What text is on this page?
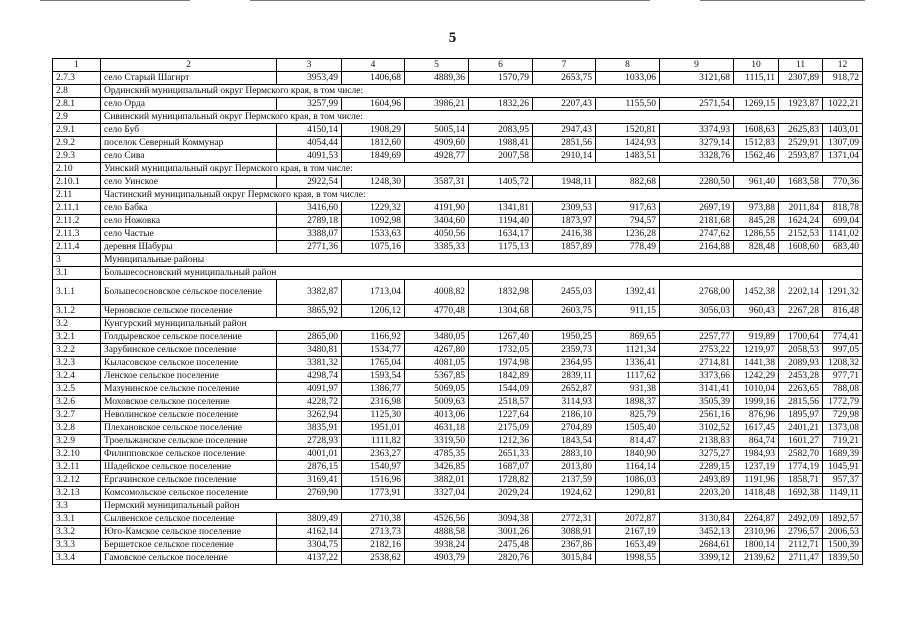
5
1	2	3	4	5	6	7	8	9	10	11	12
2.7.3	село Старый Шагирт	3953,49	1406,68	4889,36	1570,79	2653,75	1033,06	3121,68	1115,11	2307,89	918,72
2.8	Ординский муниципальный округ Пермского края, в том числе:										
2.8.1	село Орда	3257,99	1604,96	3986,21	1832,26	2207,43	1155,50	2571,54	1269,15	1923,87	1022,21
2.9	Сивинский муниципальный округ Пермского края, в том числе:										
2.9.1	село Буб	4150,14	1908,29	5005,14	2083,95	2947,43	1520,81	3374,93	1608,63	2625,83	1403,01
2.9.2	поселок Северный Коммунар	4054,44	1812,60	4909,60	1988,41	2851,56	1424,93	3279,14	1512,83	2529,91	1307,09
2.9.3	село Сива	4091,53	1849,69	4928,77	2007,58	2910,14	1483,51	3328,76	1562,46	2593,87	1371,04
2.10	Уинский муниципальный округ Пермского края, в том числе:										
2.10.1	село Уинское	2922,54	1248,30	3587,31	1405,72	1948,11	882,68	2280,50	961,40	1683,58	770,36
2.11	Частинский муниципальный округ Пермского края, в том числе:										
2.11.1	село Бабка	3416,60	1229,32	4191,90	1341,81	2309,53	917,63	2697,19	973,88	2011,84	818,78
2.11.2	село Ножовка	2789,18	1092,98	3404,60	1194,40	1873,97	794,57	2181,68	845,28	1624,24	699,04
2.11.3	село Частые	3388,07	1533,63	4050,56	1634,17	2416,38	1236,28	2747,62	1286,55	2152,53	1141,02
2.11.4	деревня Шабуры	2771,36	1075,16	3385,33	1175,13	1857,89	778,49	2164,88	828,48	1608,60	683,40
3	Муниципальные районы										
3.1	Большесосновский муниципальный район										
3.1.1	Большесосновское сельское поселение	3382,87	1713,04	4008,82	1832,98	2455,03	1392,41	2768,00	1452,38	2202,14	1291,32
3.1.2	Черновское сельское поселение	3865,92	1206,12	4770,48	1304,68	2603,75	911,15	3056,03	960,43	2267,28	816,48
3.2	Кунгурский муниципальный район										
3.2.1	Голдыревское сельское поселение	2865,00	1166,92	3480,05	1267,40	1950,25	869,65	2257,77	919,89	1700,64	774,41
3.2.2	Зарубинское сельское поселение	3480,81	1534,77	4267,80	1732,05	2359,73	1121,34	2753,22	1219,97	2058,53	997,05
3.2.3	Кыласовское сельское поселение	3381,32	1765,04	4081,05	1974,98	2364,95	1336,41	2714,81	1441,38	2089,93	1208,32
3.2.4	Ленское сельское поселение	4298,74	1593,54	5367,85	1842,89	2839,11	1117,62	3373,66	1242,29	2453,28	977,71
3.2.5	Мазунинское сельское поселение	4091,97	1386,77	5069,05	1544,09	2652,87	931,38	3141,41	1010,04	2263,65	788,08
3.2.6	Моховское сельское поселение	4228,72	2316,98	5009,63	2518,57	3114,93	1898,37	3505,39	1999,16	2815,56	1772,79
3.2.7	Неволинское сельское поселение	3262,94	1125,30	4013,06	1227,64	2186,10	825,79	2561,16	876,96	1895,97	729,98
3.2.8	Плехановское сельское поселение	3835,91	1951,01	4631,18	2175,09	2704,89	1505,40	3102,52	1617,45	2401,21	1373,08
3.2.9	Троельжанское сельское поселение	2728,93	1111,82	3319,50	1212,36	1843,54	814,47	2138,83	864,74	1601,27	719,21
3.2.10	Филипповское сельское поселение	4001,01	2363,27	4785,35	2651,33	2883,10	1840,90	3275,27	1984,93	2582,70	1689,39
3.2.11	Шадейское сельское поселение	2876,15	1540,97	3426,85	1687,07	2013,80	1164,14	2289,15	1237,19	1774,19	1045,91
3.2.12	Ергачинское сельское поселение	3169,41	1516,96	3882,01	1728,82	2137,59	1086,03	2493,89	1191,96	1858,71	957,37
3.2.13	Комсомольское сельское поселение	2769,90	1773,91	3327,04	2029,24	1924,62	1290,81	2203,20	1418,48	1692,38	1149,11
3.3	Пермский муниципальный район										
3.3.1	Сылвенское сельское поселение	3809,49	2710,38	4526,56	3094,38	2772,31	2072,87	3130,84	2264,87	2492,09	1892,57
3.3.2	Юго-Камское сельское поселение	4162,14	2713,73	4888,58	3001,26	3088,91	2167,19	3452,13	2310,96	2796,57	2006,53
3.3.3	Бершетское сельское поселение	3304,75	2182,16	3938,24	2475,48	2367,86	1653,49	2684,61	1800,14	2112,71	1500,39
3.3.4	Гамовское сельское поселение	4137,22	2538,62	4903,79	2820,76	3015,84	1998,55	3399,12	2139,62	2711,47	1839,50
